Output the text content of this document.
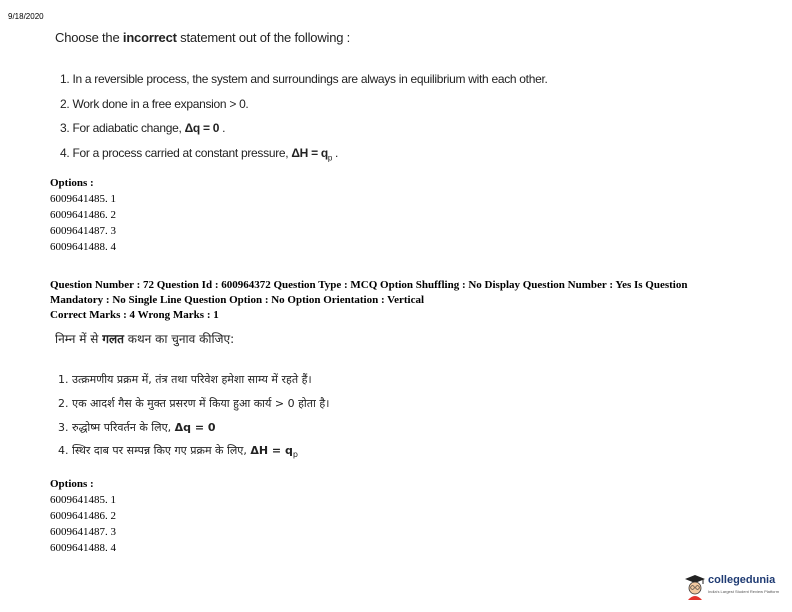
9/18/2020
Choose the incorrect statement out of the following :
1. In a reversible process, the system and surroundings are always in equilibrium with each other.
2. Work done in a free expansion > 0.
3. For adiabatic change, Δq = 0 .
4. For a process carried at constant pressure, $\Delta H = q_p$ .
Options :
6009641485. 1
6009641486. 2
6009641487. 3
6009641488. 4
Question Number : 72 Question Id : 600964372 Question Type : MCQ Option Shuffling : No Display Question Number : Yes Is Question
Mandatory : No Single Line Question Option : No Option Orientation : Vertical
Correct Marks : 4 Wrong Marks : 1
निम्न में से गलत कथन का चुनाव कीजिए:
1. उत्क्रमणीय प्रक्रम में, तंत्र तथा परिवेश हमेशा साम्य में रहते हैं।
2. एक आदर्श गैस के मुक्त प्रसरण में किया हुआ कार्य > 0 होता है।
3. रुद्धोष्म परिवर्तन के लिए, Δq = 0
4. स्थिर दाब पर सम्पन्न किए गए प्रक्रम के लिए, $\Delta H = q_p$
Options :
6009641485. 1
6009641486. 2
6009641487. 3
6009641488. 4
collegedunia
India's Largest Student Review Platform
